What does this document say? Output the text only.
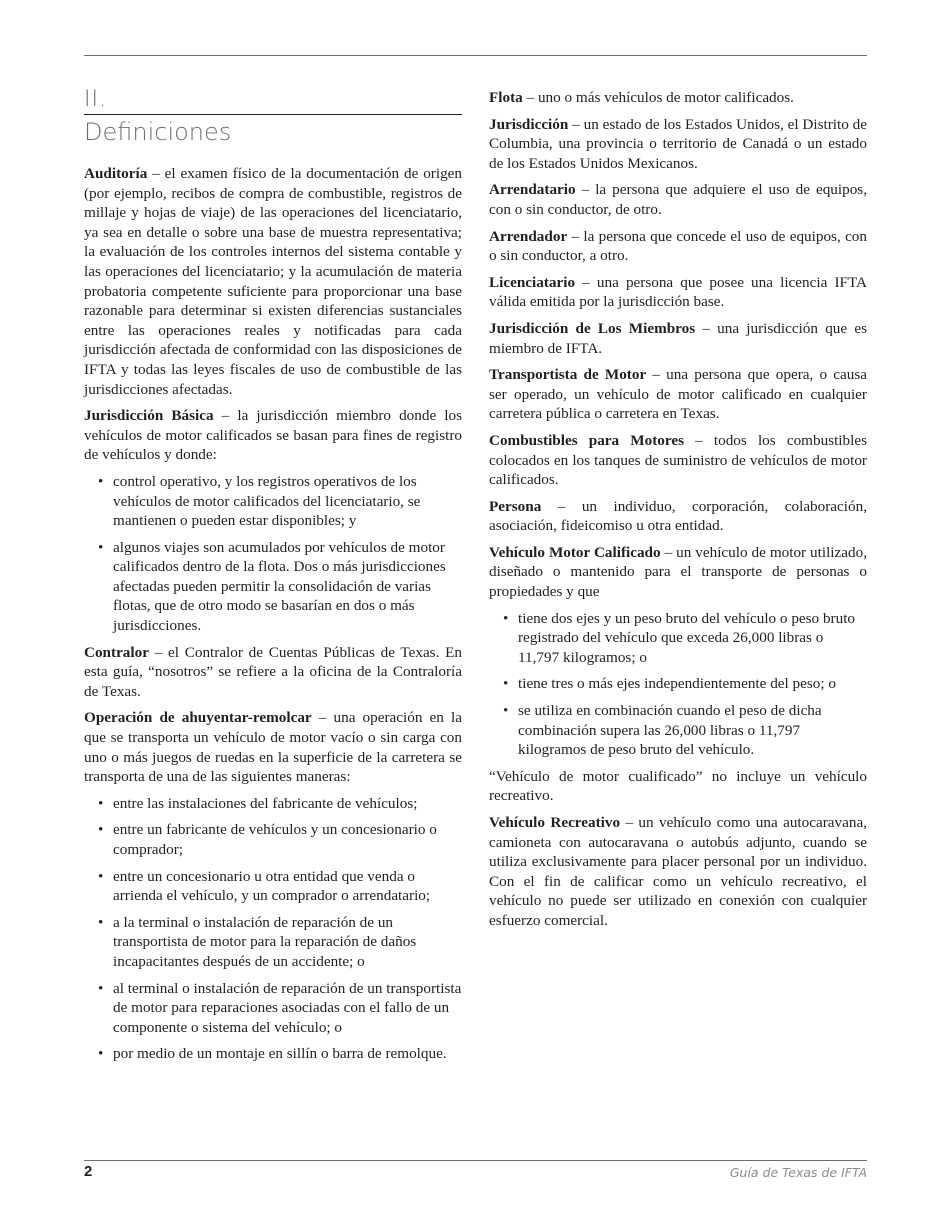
II.
Definiciones

Auditoría – el examen físico de la documentación de origen (por ejemplo, recibos de compra de combustible, registros de millaje y hojas de viaje) de las operaciones del licenciatario, ya sea en detalle o sobre una base de muestra representativa; la evaluación de los controles internos del sistema contable y las operaciones del licenciatario; y la acumulación de materia probatoria competente suficiente para proporcionar una base razonable para determinar si existen diferencias sustanciales entre las operaciones reales y notificadas para cada jurisdicción afectada de conformidad con las disposiciones de IFTA y todas las leyes fiscales de uso de combustible de las jurisdicciones afectadas.

Jurisdicción Básica – la jurisdicción miembro donde los vehículos de motor calificados se basan para fines de registro de vehículos y donde:

• control operativo, y los registros operativos de los vehículos de motor calificados del licenciatario, se mantienen o pueden estar disponibles; y
• algunos viajes son acumulados por vehículos de motor calificados dentro de la flota. Dos o más jurisdicciones afectadas pueden permitir la consolidación de varias flotas, que de otro modo se basarían en dos o más jurisdicciones.

Contralor – el Contralor de Cuentas Públicas de Texas. En esta guía, “nosotros” se refiere a la oficina de la Contraloría de Texas.

Operación de ahuyentar-remolcar – una operación en la que se transporta un vehículo de motor vacío o sin carga con uno o más juegos de ruedas en la superficie de la carretera se transporta de una de las siguientes maneras:

• entre las instalaciones del fabricante de vehículos;
• entre un fabricante de vehículos y un concesionario o comprador;
• entre un concesionario u otra entidad que venda o arrienda el vehículo, y un comprador o arrendatario;
• a la terminal o instalación de reparación de un transportista de motor para la reparación de daños incapacitantes después de un accidente; o
• al terminal o instalación de reparación de un transportista de motor para reparaciones asociadas con el fallo de un componente o sistema del vehículo; o
• por medio de un montaje en sillín o barra de remolque.

Flota – uno o más vehículos de motor calificados.

Jurisdicción – un estado de los Estados Unidos, el Distrito de Columbia, una provincia o territorio de Canadá o un estado de los Estados Unidos Mexicanos.

Arrendatario – la persona que adquiere el uso de equipos, con o sin conductor, de otro.

Arrendador – la persona que concede el uso de equipos, con o sin conductor, a otro.

Licenciatario – una persona que posee una licencia IFTA válida emitida por la jurisdicción base.

Jurisdicción de Los Miembros – una jurisdicción que es miembro de IFTA.

Transportista de Motor – una persona que opera, o causa ser operado, un vehículo de motor calificado en cualquier carretera pública o carretera en Texas.

Combustibles para Motores – todos los combustibles colocados en los tanques de suministro de vehículos de motor calificados.

Persona – un individuo, corporación, colaboración, asociación, fideicomiso u otra entidad.

Vehículo Motor Calificado – un vehículo de motor utilizado, diseñado o mantenido para el transporte de personas o propiedades y que

• tiene dos ejes y un peso bruto del vehículo o peso bruto registrado del vehículo que exceda 26,000 libras o 11,797 kilogramos; o
• tiene tres o más ejes independientemente del peso; o
• se utiliza en combinación cuando el peso de dicha combinación supera las 26,000 libras o 11,797 kilogramos de peso bruto del vehículo.

“Vehículo de motor cualificado” no incluye un vehículo recreativo.

Vehículo Recreativo – un vehículo como una autocaravana, camioneta con autocaravana o autobús adjunto, cuando se utiliza exclusivamente para placer personal por un individuo. Con el fin de calificar como un vehículo recreativo, el vehículo no puede ser utilizado en conexión con cualquier esfuerzo comercial.

2	Guía de Texas de IFTA
